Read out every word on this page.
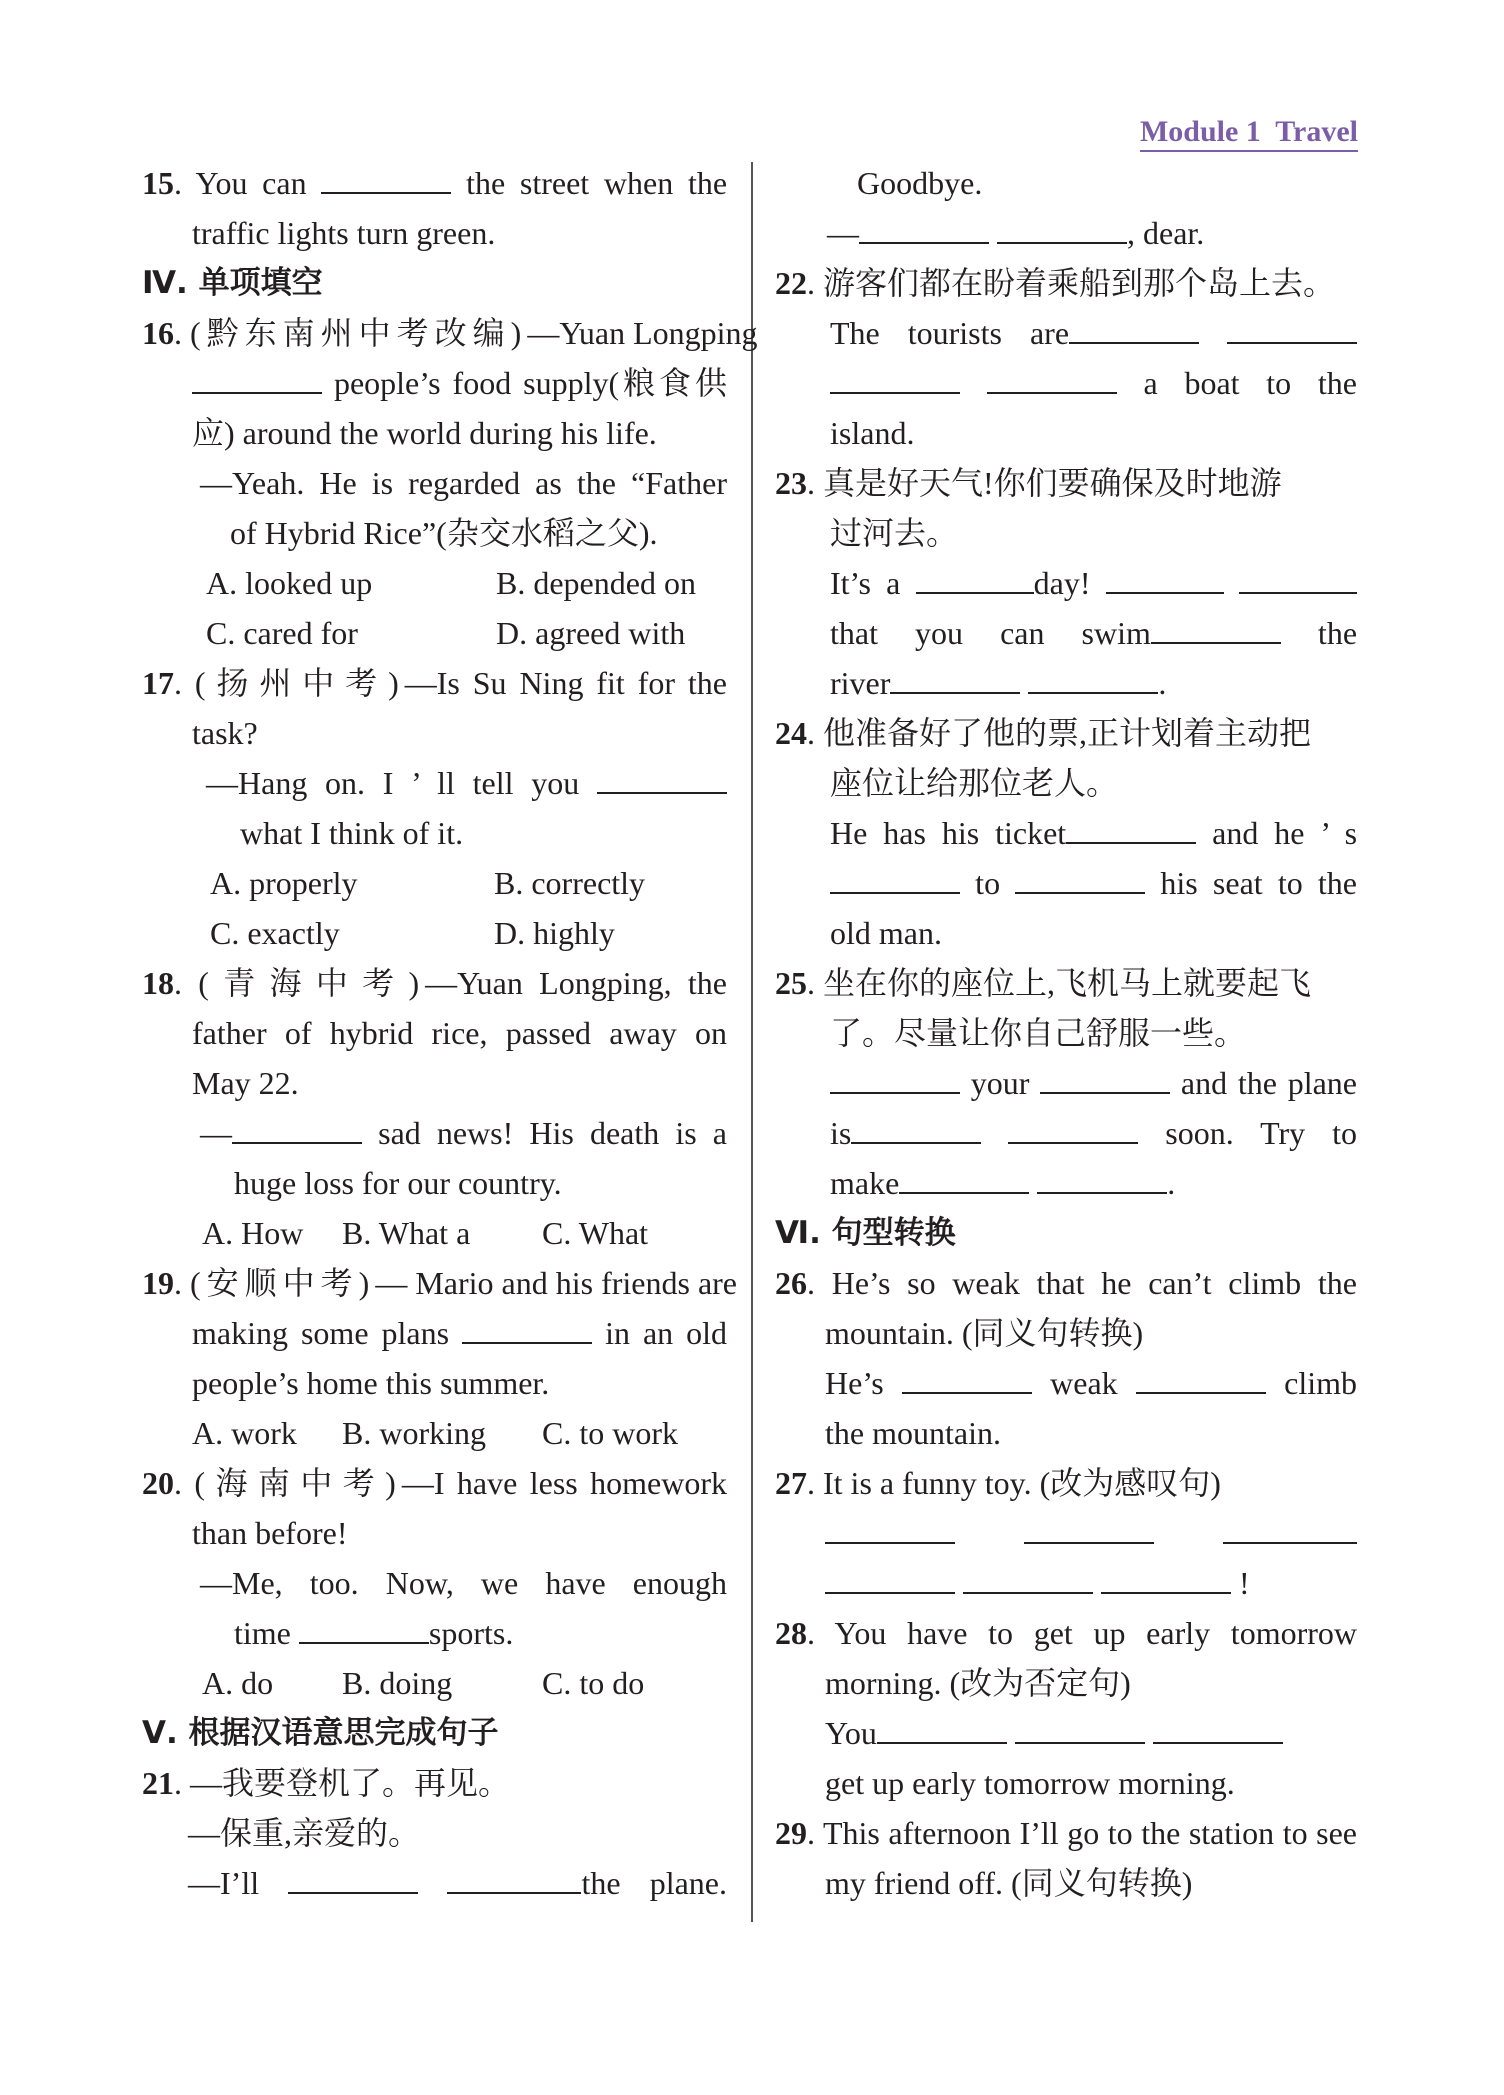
Module 1 Travel
15. You can	the street when the
traffic lights turn green.
Ⅳ. 单项填空
16. (黔东南州中考改编)—Yuan Longping
people’s food supply(粮食供
应) around the world during his life.
—Yeah. He is regarded as the “Father
of Hybrid Rice”(杂交水稻之父).
A. looked up	B. depended on
C. cared for	D. agreed with
17. (扬州中考)—Is Su Ning fit for the
task?
—Hang on. I ’ ll tell you
what I think of it.
A. properly	B. correctly
C. exactly	D. highly
18. (青海中考)—Yuan Longping, the
father of hybrid rice, passed away on
May 22.
—	sad news! His death is a
huge loss for our country.
A. How B. What a C. What
19. (安顺中考)— Mario and his friends are
making some plans	in an old
people’s home this summer.
A. work B. working C. to work
20. (海南中考)—I have less homework
than before!
—Me, too. Now, we have enough
time	sports.
A. do B. doing	C. to do
Ⅴ. 根据汉语意思完成句子
21. —我要登机了。再见。
—保重,亲爱的。
—I’ll	the plane.
Goodbye.
—	, dear.
22. 游客们都在盼着乘船到那个岛上去。
The tourists are
a boat to the
island.
23. 真是好天气!你们要确保及时地游
过河去。
It’s a	day!
that you can swim	the
river	.
24. 他准备好了他的票,正计划着主动把
座位让给那位老人。
He has his ticket	and he ’ s
to	his seat to the
old man.
25. 坐在你的座位上,飞机马上就要起飞
了。尽量让你自己舒服一些。
your	and the plane
is	soon. Try to
make	.
Ⅵ. 句型转换
26. He’s so weak that he can’t climb the
mountain. (同义句转换)
He’s	weak	climb
the mountain.
27. It is a funny toy. (改为感叹句)

!
28. You have to get up early tomorrow
morning. (改为否定句)
You
get up early tomorrow morning.
29. This afternoon I’ll go to the station to see
my friend off. (同义句转换)
